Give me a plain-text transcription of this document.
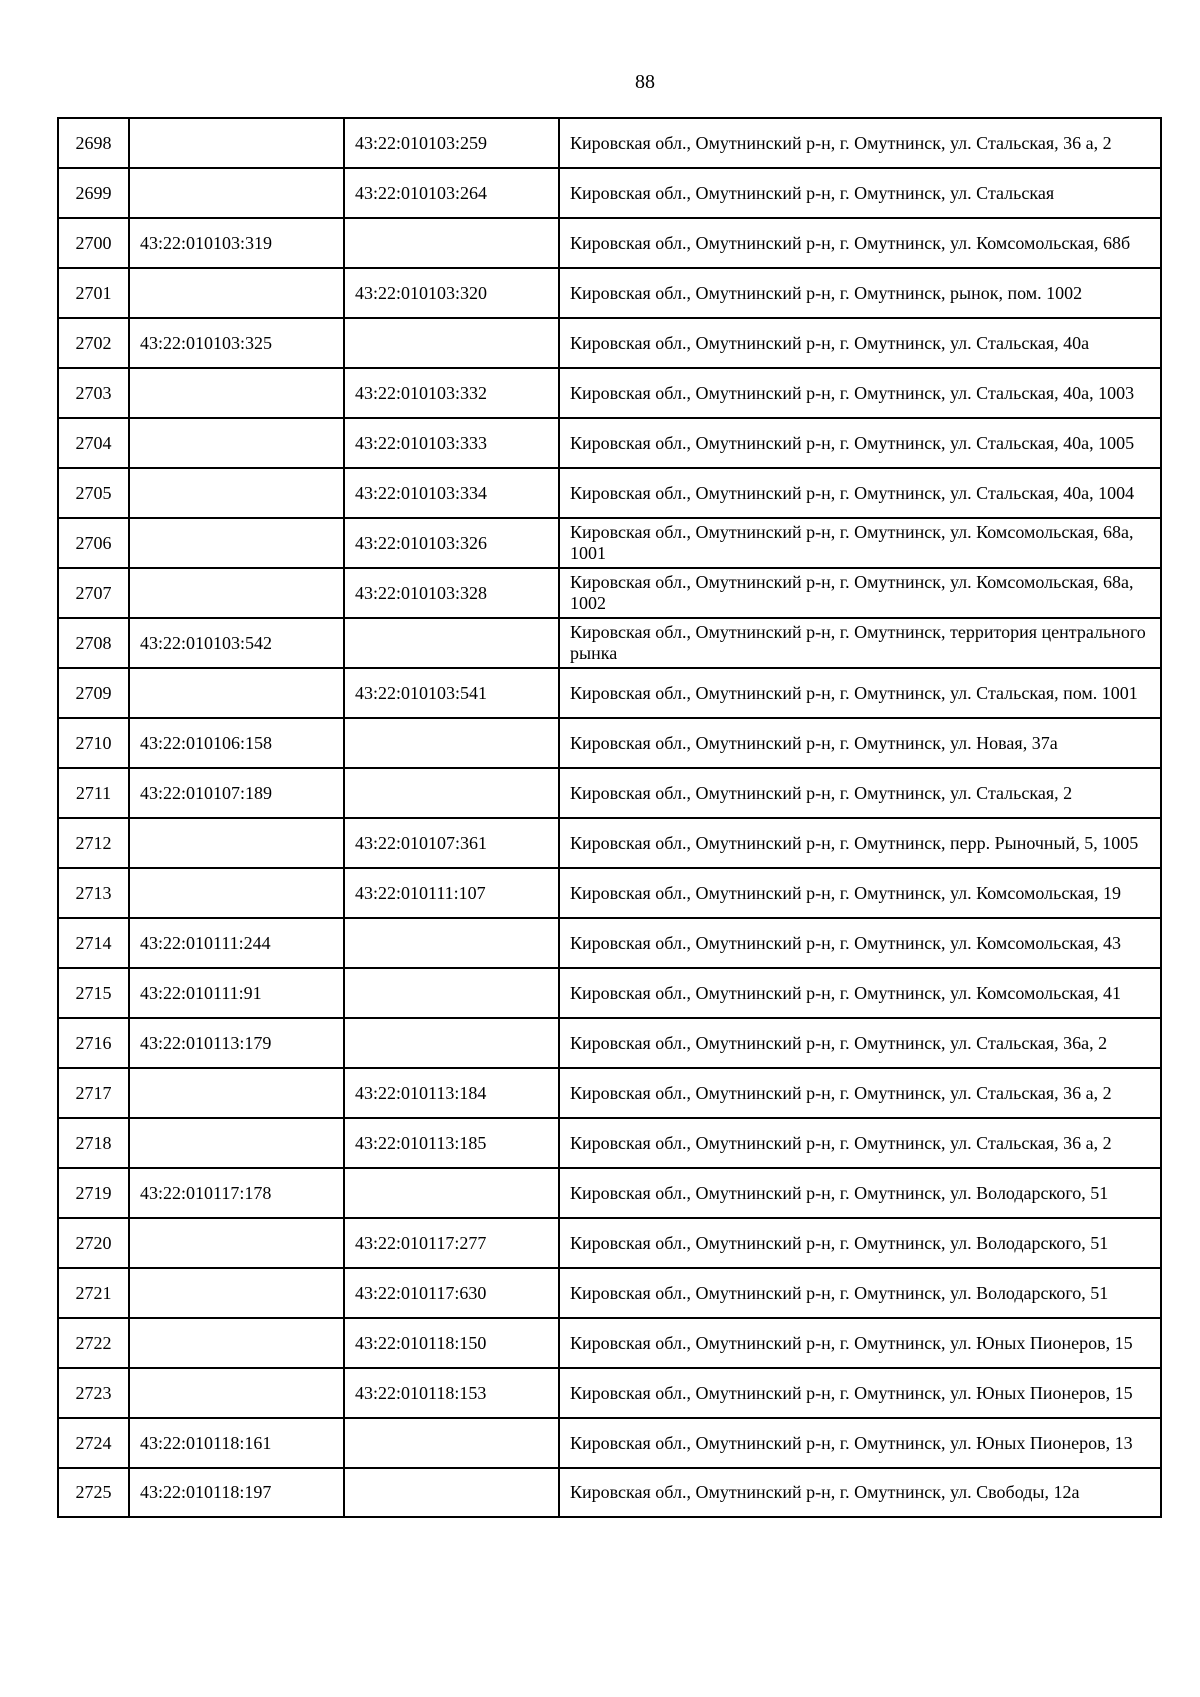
88
2698		43:22:010103:259	Кировская обл., Омутнинский р-н, г. Омутнинск, ул. Стальская, 36 а, 2
2699		43:22:010103:264	Кировская обл., Омутнинский р-н, г. Омутнинск, ул. Стальская
2700	43:22:010103:319		Кировская обл., Омутнинский р-н, г. Омутнинск, ул. Комсомольская, 68б
2701		43:22:010103:320	Кировская обл., Омутнинский р-н, г. Омутнинск, рынок, пом. 1002
2702	43:22:010103:325		Кировская обл., Омутнинский р-н, г. Омутнинск, ул. Стальская, 40а
2703		43:22:010103:332	Кировская обл., Омутнинский р-н, г. Омутнинск, ул. Стальская, 40а, 1003
2704		43:22:010103:333	Кировская обл., Омутнинский р-н, г. Омутнинск, ул. Стальская, 40а, 1005
2705		43:22:010103:334	Кировская обл., Омутнинский р-н, г. Омутнинск, ул. Стальская, 40а, 1004
2706		43:22:010103:326	Кировская обл., Омутнинский р-н, г. Омутнинск, ул. Комсомольская, 68а, 1001
2707		43:22:010103:328	Кировская обл., Омутнинский р-н, г. Омутнинск, ул. Комсомольская, 68а, 1002
2708	43:22:010103:542		Кировская обл., Омутнинский р-н, г. Омутнинск, территория центрального рынка
2709		43:22:010103:541	Кировская обл., Омутнинский р-н, г. Омутнинск, ул. Стальская, пом. 1001
2710	43:22:010106:158		Кировская обл., Омутнинский р-н, г. Омутнинск, ул. Новая, 37а
2711	43:22:010107:189		Кировская обл., Омутнинский р-н, г. Омутнинск, ул. Стальская, 2
2712		43:22:010107:361	Кировская обл., Омутнинский р-н, г. Омутнинск, перр. Рыночный, 5, 1005
2713		43:22:010111:107	Кировская обл., Омутнинский р-н, г. Омутнинск, ул. Комсомольская, 19
2714	43:22:010111:244		Кировская обл., Омутнинский р-н, г. Омутнинск, ул. Комсомольская, 43
2715	43:22:010111:91		Кировская обл., Омутнинский р-н, г. Омутнинск, ул. Комсомольская, 41
2716	43:22:010113:179		Кировская обл., Омутнинский р-н, г. Омутнинск, ул. Стальская, 36а, 2
2717		43:22:010113:184	Кировская обл., Омутнинский р-н, г. Омутнинск, ул. Стальская, 36 а, 2
2718		43:22:010113:185	Кировская обл., Омутнинский р-н, г. Омутнинск, ул. Стальская, 36 а, 2
2719	43:22:010117:178		Кировская обл., Омутнинский р-н, г. Омутнинск, ул. Володарского, 51
2720		43:22:010117:277	Кировская обл., Омутнинский р-н, г. Омутнинск, ул. Володарского, 51
2721		43:22:010117:630	Кировская обл., Омутнинский р-н, г. Омутнинск, ул. Володарского, 51
2722		43:22:010118:150	Кировская обл., Омутнинский р-н, г. Омутнинск, ул. Юных Пионеров, 15
2723		43:22:010118:153	Кировская обл., Омутнинский р-н, г. Омутнинск, ул. Юных Пионеров, 15
2724	43:22:010118:161		Кировская обл., Омутнинский р-н, г. Омутнинск, ул. Юных Пионеров, 13
2725	43:22:010118:197		Кировская обл., Омутнинский р-н, г. Омутнинск, ул. Свободы, 12а
